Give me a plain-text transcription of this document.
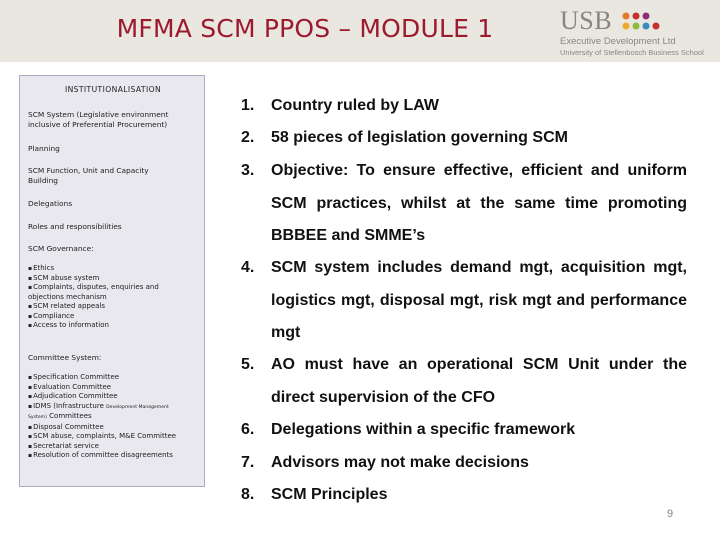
MFMA SCM PPOS – MODULE 1	USB
Executive Development Ltd
University of Stellenbosch Business School
INSTITUTIONALISATION
SCM System (Legislative environment
inclusive of Preferential Procurement)
Planning
SCM Function, Unit and Capacity
Building
Delegations
Roles and responsibilities
SCM Governance:
▪ Ethics
▪ SCM abuse system
▪ Complaints, disputes, enquiries and
objections mechanism
▪ SCM related appeals
▪ Compliance
▪ Access to information
Committee System:
▪ Specification Committee
▪ Evaluation Committee
▪ Adjudication Committee
▪ IDMS (Infrastructure Development Management
System) Committees
▪ Disposal Committee
▪ SCM abuse, complaints, M&E Committee
▪ Secretariat service
▪ Resolution of committee disagreements
1. Country ruled by LAW
2. 58 pieces of legislation governing SCM
3. Objective: To ensure effective, efficient and uniform SCM practices, whilst at the same time promoting BBBEE and SMME’s
4. SCM system includes demand mgt, acquisition mgt, logistics mgt, disposal mgt, risk mgt and performance mgt
5. AO must have an operational SCM Unit under the direct supervision of the CFO
6. Delegations within a specific framework
7. Advisors may not make decisions
8. SCM Principles
9
